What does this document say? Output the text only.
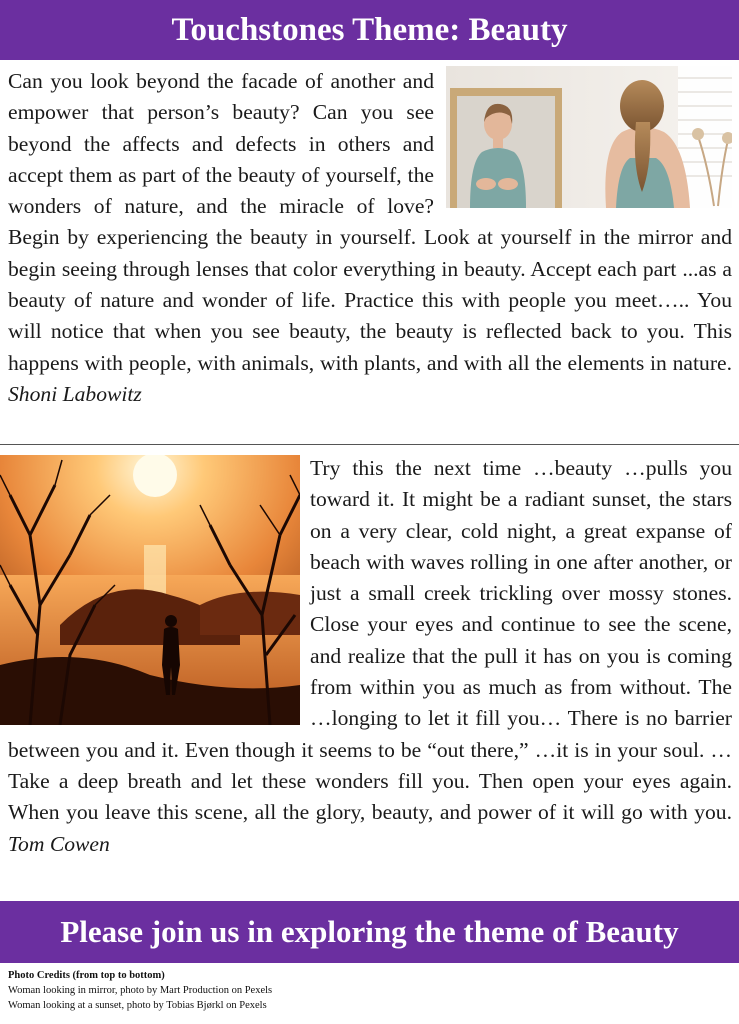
Touchstones Theme: Beauty
Can you look beyond the facade of another and empower that person’s beauty? Can you see beyond the affects and defects in others and accept them as part of the beauty of yourself, the wonders of nature, and the miracle of love? Begin by experiencing the beauty in yourself. Look at yourself in the mirror and begin seeing through lenses that color everything in beauty. Accept each part ...as a beauty of nature and wonder of life. Practice this with people you meet….. You will notice that when you see beauty, the beauty is reflected back to you. This happens with people, with animals, with plants, and with all the elements in nature. Shoni Labowitz
Try this the next time …beauty …pulls you toward it. It might be a radiant sunset, the stars on a very clear, cold night, a great expanse of beach with waves rolling in one after another, or just a small creek trickling over mossy stones. Close your eyes and continue to see the scene, and realize that the pull it has on you is coming from within you as much as from without. The …longing to let it fill you… There is no barrier between you and it. Even though it seems to be “out there,” …it is in your soul. …Take a deep breath and let these wonders fill you. Then open your eyes again. When you leave this scene, all the glory, beauty, and power of it will go with you. Tom Cowen
Please join us in exploring the theme of Beauty
Photo Credits (from top to bottom)
Woman looking in mirror, photo by Mart Production on Pexels
Woman looking at a sunset, photo by Tobias Bjørkl on Pexels
